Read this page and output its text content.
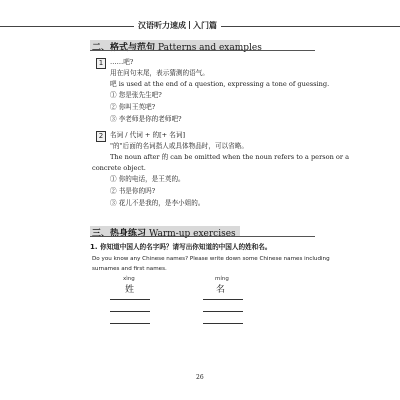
汉语听力速成 入门篇
二、格式与范句 Patterns and examples
1	……吧?
用在问句末尾，表示猜测的语气。
吧 is used at the end of a question, expressing a tone of guessing.
① 您是张先生吧?
② 你叫王英吧?
③ 李老师是你的老师吧?
2	名词 / 代词 + 的[+ 名词]
"的"后面的名词指人或具体物品时，可以省略。
The noun after 的 can be omitted when the noun refers to a person or a
concrete object.
① 你的电话，是王英的。
② 书是你的吗?
③ 花儿不是我的，是李小姐的。
三、热身练习 Warm-up exercises
1. 你知道中国人的名字吗？请写出你知道的中国人的姓和名。
Do you know any Chinese names? Please write down some Chinese names including
surnames and first names.
xìng
姓
míng
名
26
